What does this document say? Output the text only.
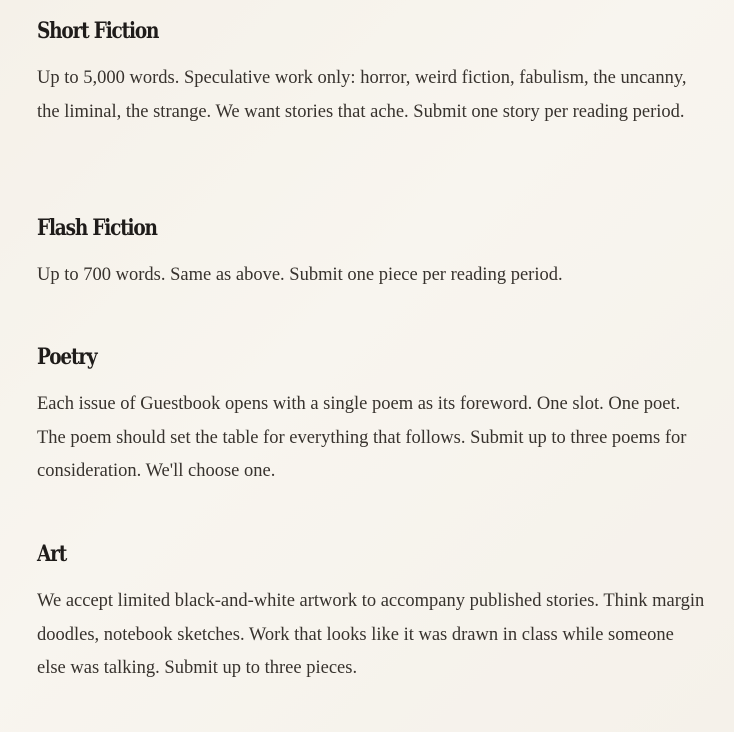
Short Fiction

Up to 5,000 words. Speculative work only: horror, weird fiction, fabulism, the uncanny, the liminal, the strange. We want stories that ache. Submit one story per reading period.

Flash Fiction

Up to 700 words. Same as above. Submit one piece per reading period.

Poetry

Each issue of Guestbook opens with a single poem as its foreword. One slot. One poet. The poem should set the table for everything that follows. Submit up to three poems for consideration. We'll choose one.

Art

We accept limited black-and-white artwork to accompany published stories. Think margin doodles, notebook sketches. Work that looks like it was drawn in class while someone else was talking. Submit up to three pieces.
